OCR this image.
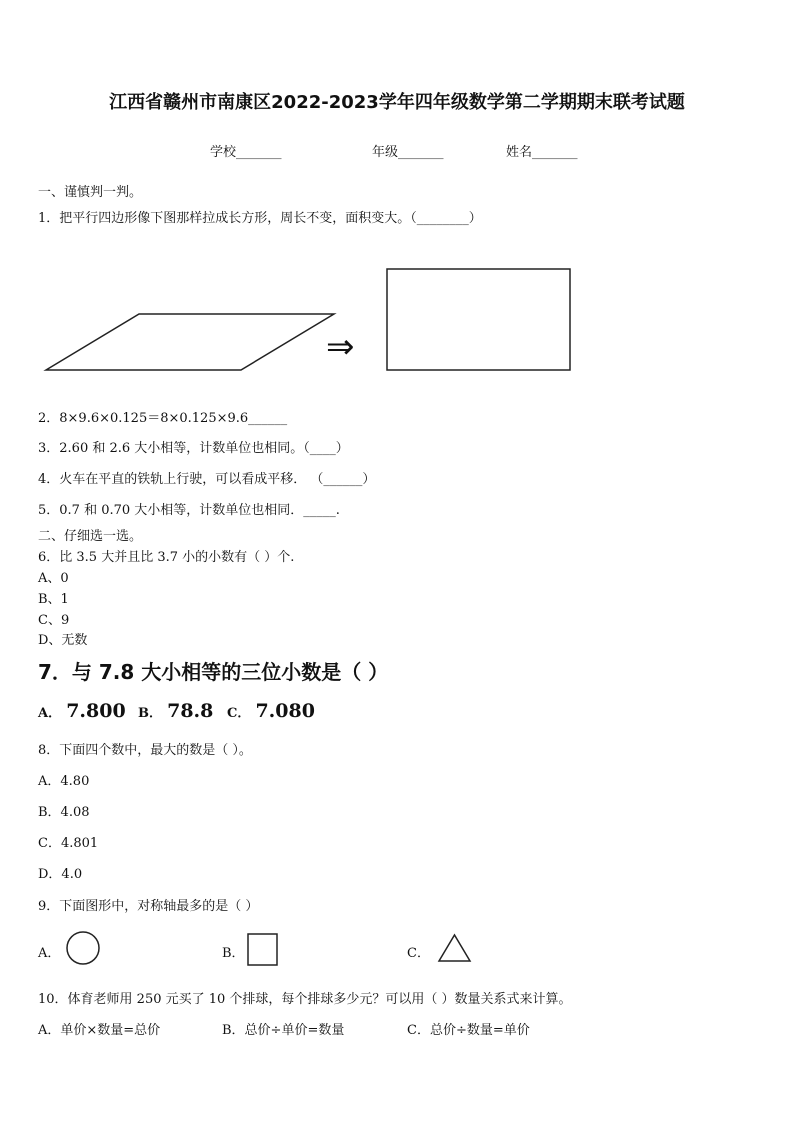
江西省赣州市南康区2022-2023学年四年级数学第二学期期末联考试题
学校_______	年级_______	姓名_______
一、谨慎判一判。
1．把平行四边形像下图那样拉成长方形，周长不变，面积变大。（________）
⇒
2．8×9.6×0.125＝8×0.125×9.6______
3．2.60 和 2.6 大小相等，计数单位也相同。（____）
4．火车在平直的铁轨上行驶，可以看成平移． （______）
5．0.7 和 0.70 大小相等，计数单位也相同．_____.
二、仔细选一选。
6．比 3.5 大并且比 3.7 小的小数有（ ）个.
A、0
B、1
C、9
D、无数
7．与 7.8 大小相等的三位小数是（ ）
A． 7.800 B． 78.8 C． 7.080
8．下面四个数中，最大的数是（ ）。
A．4.80
B．4.08
C．4.801
D．4.0
9．下面图形中，对称轴最多的是（ ）
A．	B．	C．
10．体育老师用 250 元买了 10 个排球，每个排球多少元？可以用（ ）数量关系式来计算。
A．单价×数量=总价	B．总价÷单价=数量	C．总价÷数量=单价
